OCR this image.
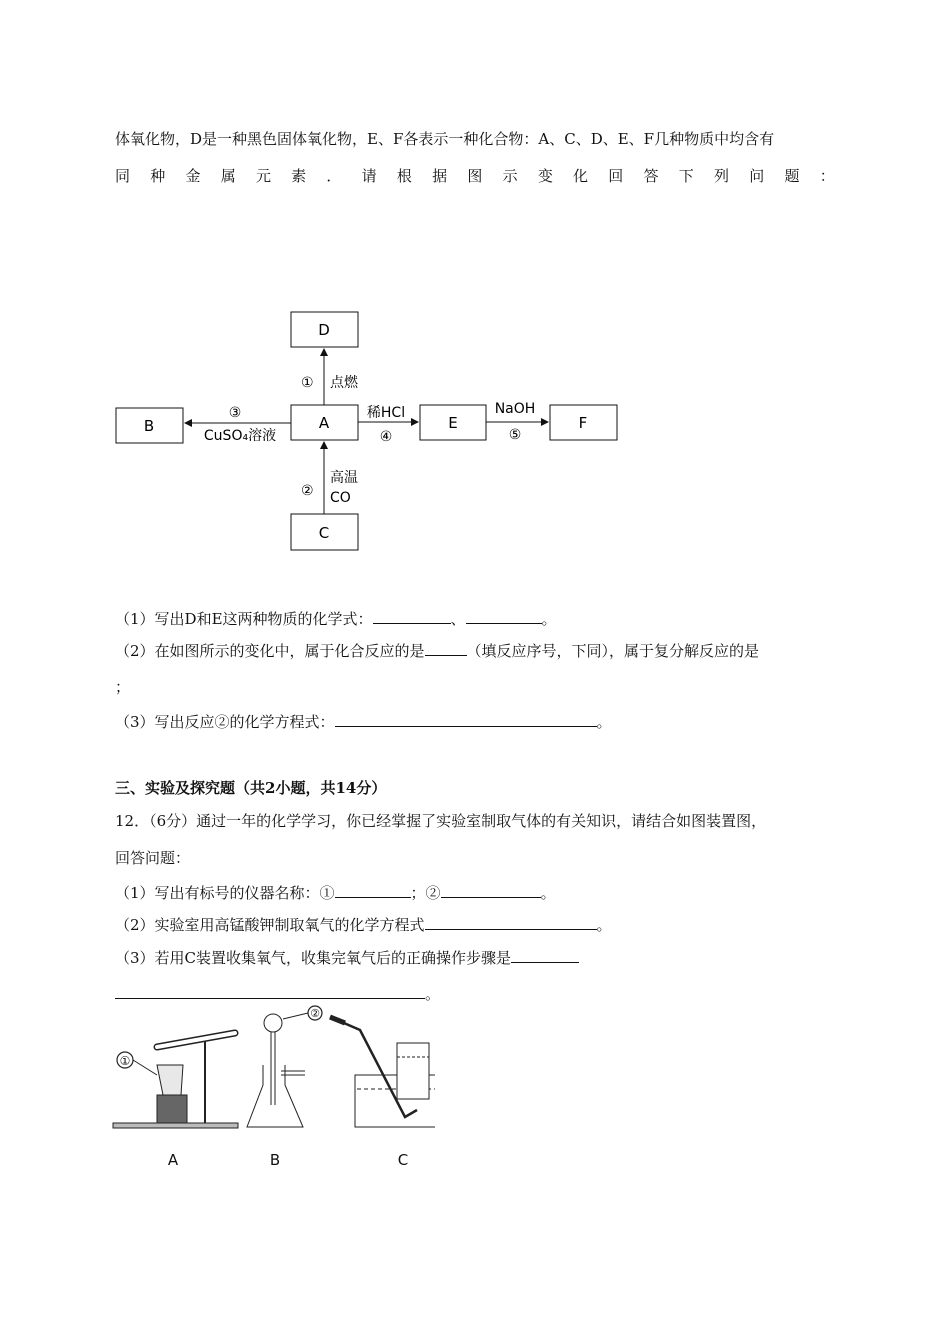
体氧化物，D是一种黑色固体氧化物，E、F各表示一种化合物：A、C、D、E、F几种物质中均含有
同 种 金 属 元 素 ． 请 根 据 图 示 变 化 回 答 下 列 问 题 ：
D
A
C
B	E	F
① 点燃
②
高温
CO
③
CuSO₄溶液
稀HCl
④
NaOH
⑤
（1）写出D和E这两种物质的化学式：	、	。
（2）在如图所示的变化中，属于化合反应的是	（填反应序号，下同），属于复分解反应的是
；
（3）写出反应②的化学方程式：	。
三、实验及探究题（共2小题，共14分）
12．（6分）通过一年的化学学习，你已经掌握了实验室制取气体的有关知识，请结合如图装置图，
回答问题：
（1）写出有标号的仪器名称：①	；②	。
（2）实验室用高锰酸钾制取氧气的化学方程式	。
（3）若用C装置收集氧气，收集完氧气后的正确操作步骤是
。
①
②
A	B	C
